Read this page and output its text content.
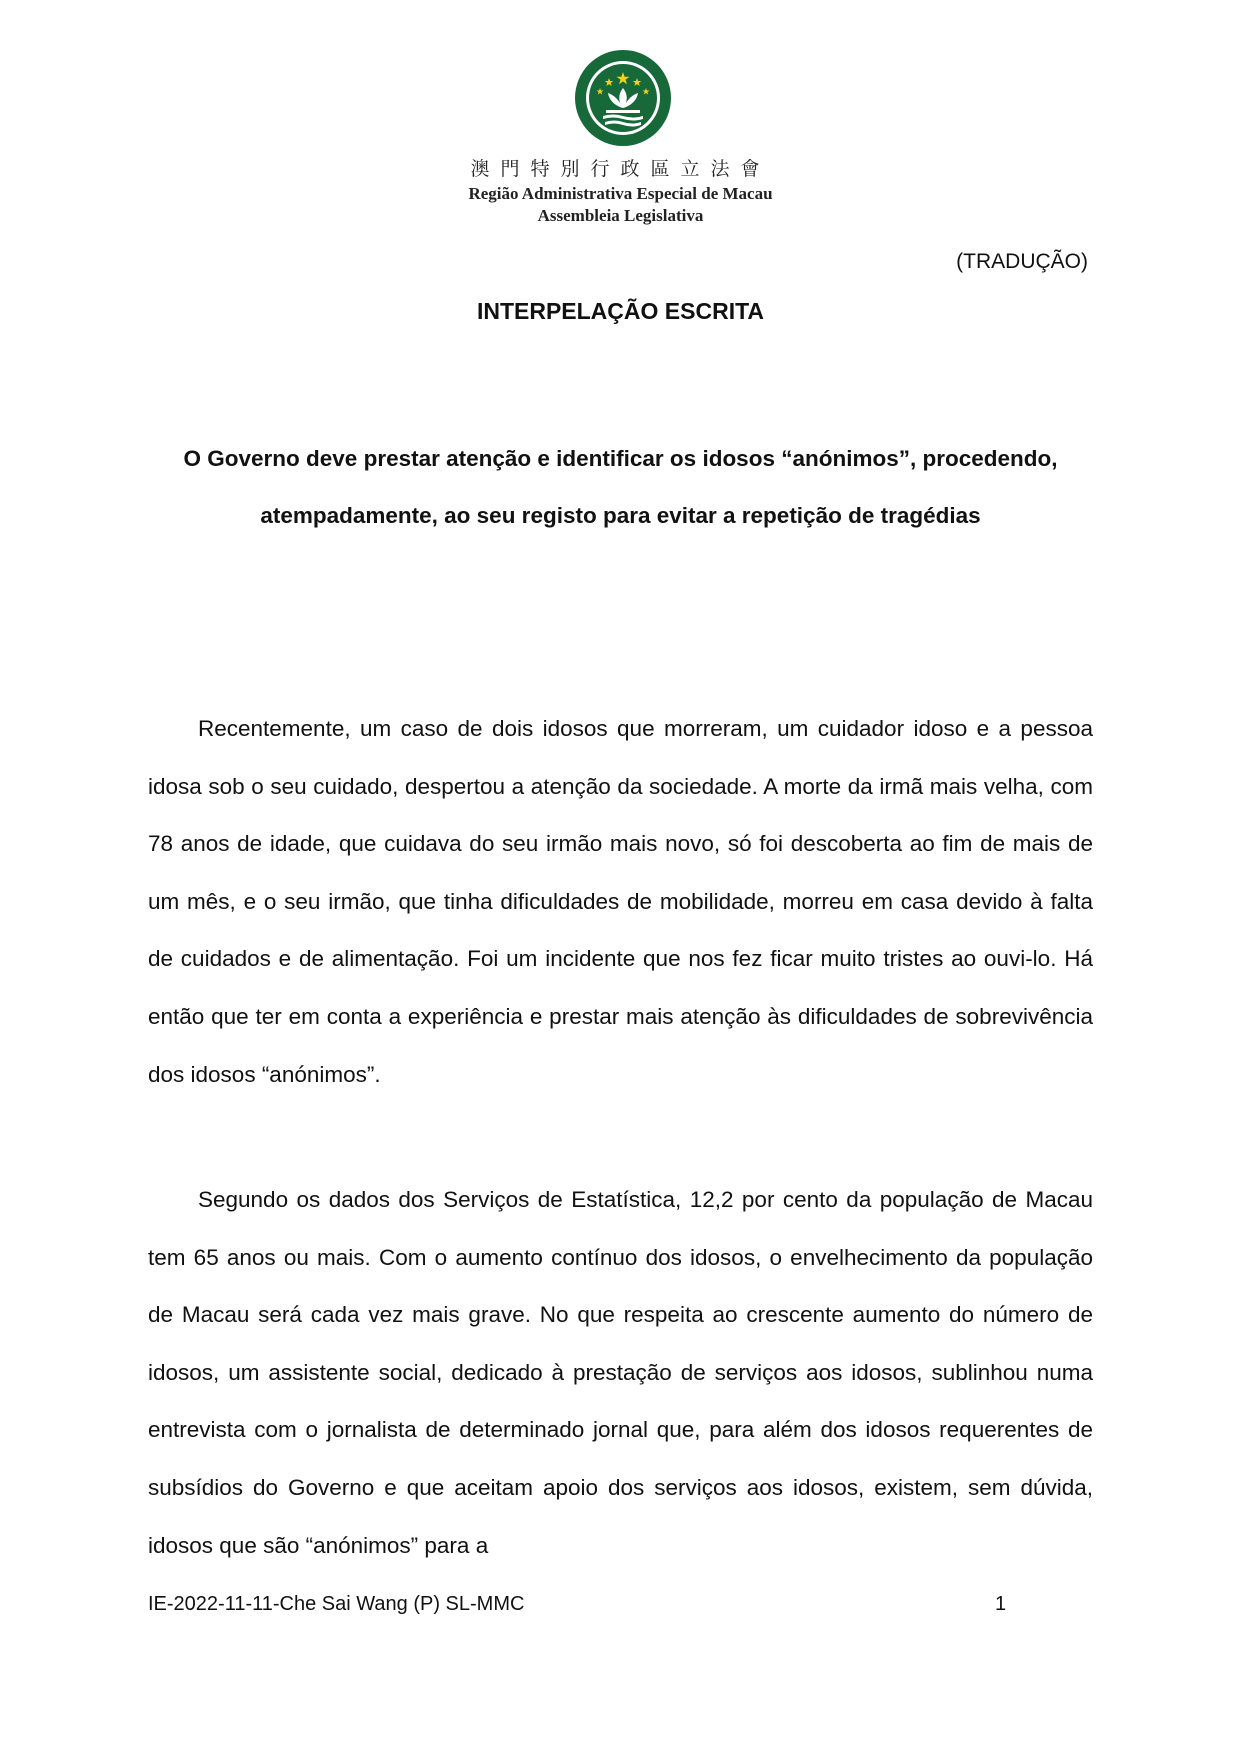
MACAU
澳門特別行政區立法會
Região Administrativa Especial de Macau
Assembleia Legislativa
(TRADUÇÃO)
INTERPELAÇÃO ESCRITA

O Governo deve prestar atenção e identificar os idosos “anónimos”, procedendo, atempadamente, ao seu registo para evitar a repetição de tragédias

Recentemente, um caso de dois idosos que morreram, um cuidador idoso e a pessoa idosa sob o seu cuidado, despertou a atenção da sociedade. A morte da irmã mais velha, com 78 anos de idade, que cuidava do seu irmão mais novo, só foi descoberta ao fim de mais de um mês, e o seu irmão, que tinha dificuldades de mobilidade, morreu em casa devido à falta de cuidados e de alimentação. Foi um incidente que nos fez ficar muito tristes ao ouvi-lo. Há então que ter em conta a experiência e prestar mais atenção às dificuldades de sobrevivência dos idosos “anónimos”.

Segundo os dados dos Serviços de Estatística, 12,2 por cento da população de Macau tem 65 anos ou mais. Com o aumento contínuo dos idosos, o envelhecimento da população de Macau será cada vez mais grave. No que respeita ao crescente aumento do número de idosos, um assistente social, dedicado à prestação de serviços aos idosos, sublinhou numa entrevista com o jornalista de determinado jornal que, para além dos idosos requerentes de subsídios do Governo e que aceitam apoio dos serviços aos idosos, existem, sem dúvida, idosos que são “anónimos” para a

IE-2022-11-11-Che Sai Wang (P) SL-MMC	1
